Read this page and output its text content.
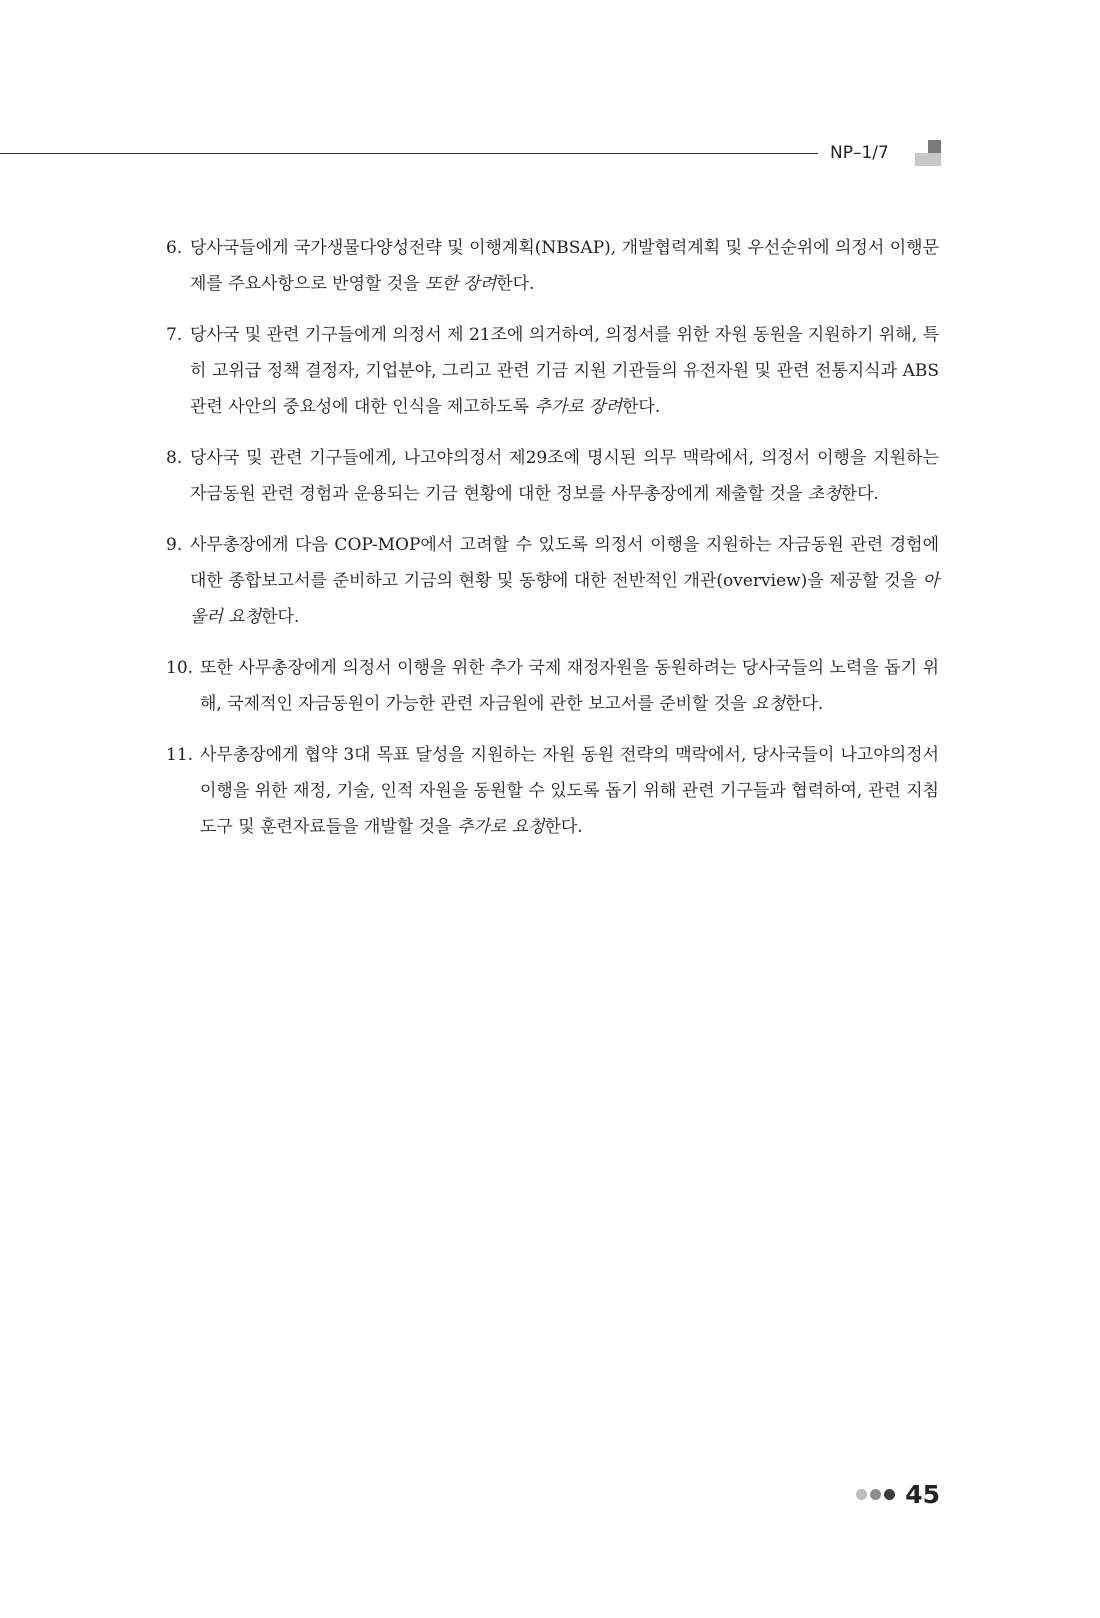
NP–1/7
6. 당사국들에게 국가생물다양성전략 및 이행계획(NBSAP), 개발협력계획 및 우선순위에 의정서 이행문제를 주요사항으로 반영할 것을 또한 장려한다.
7. 당사국 및 관련 기구들에게 의정서 제 21조에 의거하여, 의정서를 위한 자원 동원을 지원하기 위해, 특히 고위급 정책 결정자, 기업분야, 그리고 관련 기금 지원 기관들의 유전자원 및 관련 전통지식과 ABS 관련 사안의 중요성에 대한 인식을 제고하도록 추가로 장려한다.
8. 당사국 및 관련 기구들에게, 나고야의정서 제29조에 명시된 의무 맥락에서, 의정서 이행을 지원하는 자금동원 관련 경험과 운용되는 기금 현황에 대한 정보를 사무총장에게 제출할 것을 초청한다.
9. 사무총장에게 다음 COP-MOP에서 고려할 수 있도록 의정서 이행을 지원하는 자금동원 관련 경험에 대한 종합보고서를 준비하고 기금의 현황 및 동향에 대한 전반적인 개관(overview)을 제공할 것을 아울러 요청한다.
10. 또한 사무총장에게 의정서 이행을 위한 추가 국제 재정자원을 동원하려는 당사국들의 노력을 돕기 위해, 국제적인 자금동원이 가능한 관련 자금원에 관한 보고서를 준비할 것을 요청한다.
11. 사무총장에게 협약 3대 목표 달성을 지원하는 자원 동원 전략의 맥락에서, 당사국들이 나고야의정서 이행을 위한 재정, 기술, 인적 자원을 동원할 수 있도록 돕기 위해 관련 기구들과 협력하여, 관련 지침 도구 및 훈련자료들을 개발할 것을 추가로 요청한다.
45
